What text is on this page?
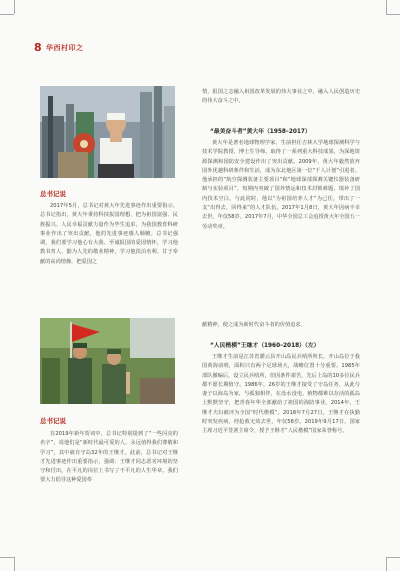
8 华西村印之

情，报国之志融入祖国改革发展的伟大事业之中，融入人民创造历史的伟大奋斗之中。

“最美奋斗者”黄大年（1958–2017）

黄大年是著名地球物理学家，生前担任吉林大学地球探测科学与技术学院教授、博士生导师。取得了一系列重大科技成果，为深地资源探测和国防安全建设作出了突出贡献。2009年，黄大年毅然放弃国外优越科研条件和生活，成为东北地区第一位“千人计划”引进者。他承担的“航空探测装备主要项目”和“地球深部探测关键仪器装备研制与实验项目”，短期内突破了国外禁运和技术封锁难题，填补了国内技术空白。与此同时，他以“为祖国培养人才”为己任，带出了一支“出得去，回得来”的人才队伍。2017年1月8日，黄大年因病不幸去世，年仅58岁。2017年7月，中华全国总工会追授黄大年全国五一劳动奖章。

总书记说

2017年5月，总书记对黄大年先进事迹作出重要指示。总书记指出，黄大年秉持科技报国理想，把为祖国富强、民族振兴、人民幸福贡献力量作为毕生追求，为我国教育科研事业作出了突出贡献，他的先进事迹感人肺腑。总书记强调，我们要学习他心有大我、至诚报国的爱国情怀，学习他教书育人、勤为人先的敬业精神，学习他淡泊名利、甘于奉献的高尚情操，把爱国之

献精神，使之成为新时代奋斗者的价值追求。

“人民楷模”王继才（1960–2018）（左）

王继才生前是江苏省灌云县开山岛民兵哨所所长。开山岛位于我国黄海前哨，面积只有两个足球场大，战略位置十分重要。1985年部队撤编后，设立民兵哨所，但因条件艰苦，先后上岛的10多位民兵都不愿长期值守。1986年，26岁的王继才接受了守岛任务，从此与妻子以海岛为家，与孤独相伴，在没水没电、植物都难以存活的孤岛上默默坚守，把青春年华全部献给了祖国的海防事业。2014年，王继才夫妇被评为全国“时代楷模”。2018年7月27日，王继才在执勤时突发疾病，经抢救无效去世，年仅58岁。2019年9月17日，国家主席习近平签署主席令，授予王继才“人民楷模”国家荣誉称号。

总书记说

在2019年新年贺词中，总书记特别提到了“一些闪亮的名字”，说他们是“新时代最可爱的人，永远值得我们尊敬和学习”，其中就有守岛32年的王继才。此前，总书记对王继才先进事迹作出重要指示，强调：王继才同志恶劣环境的坚守和付出，在平凡的岗位上书写了不平凡的人生华章。我们要大力倡导这种爱国奉
